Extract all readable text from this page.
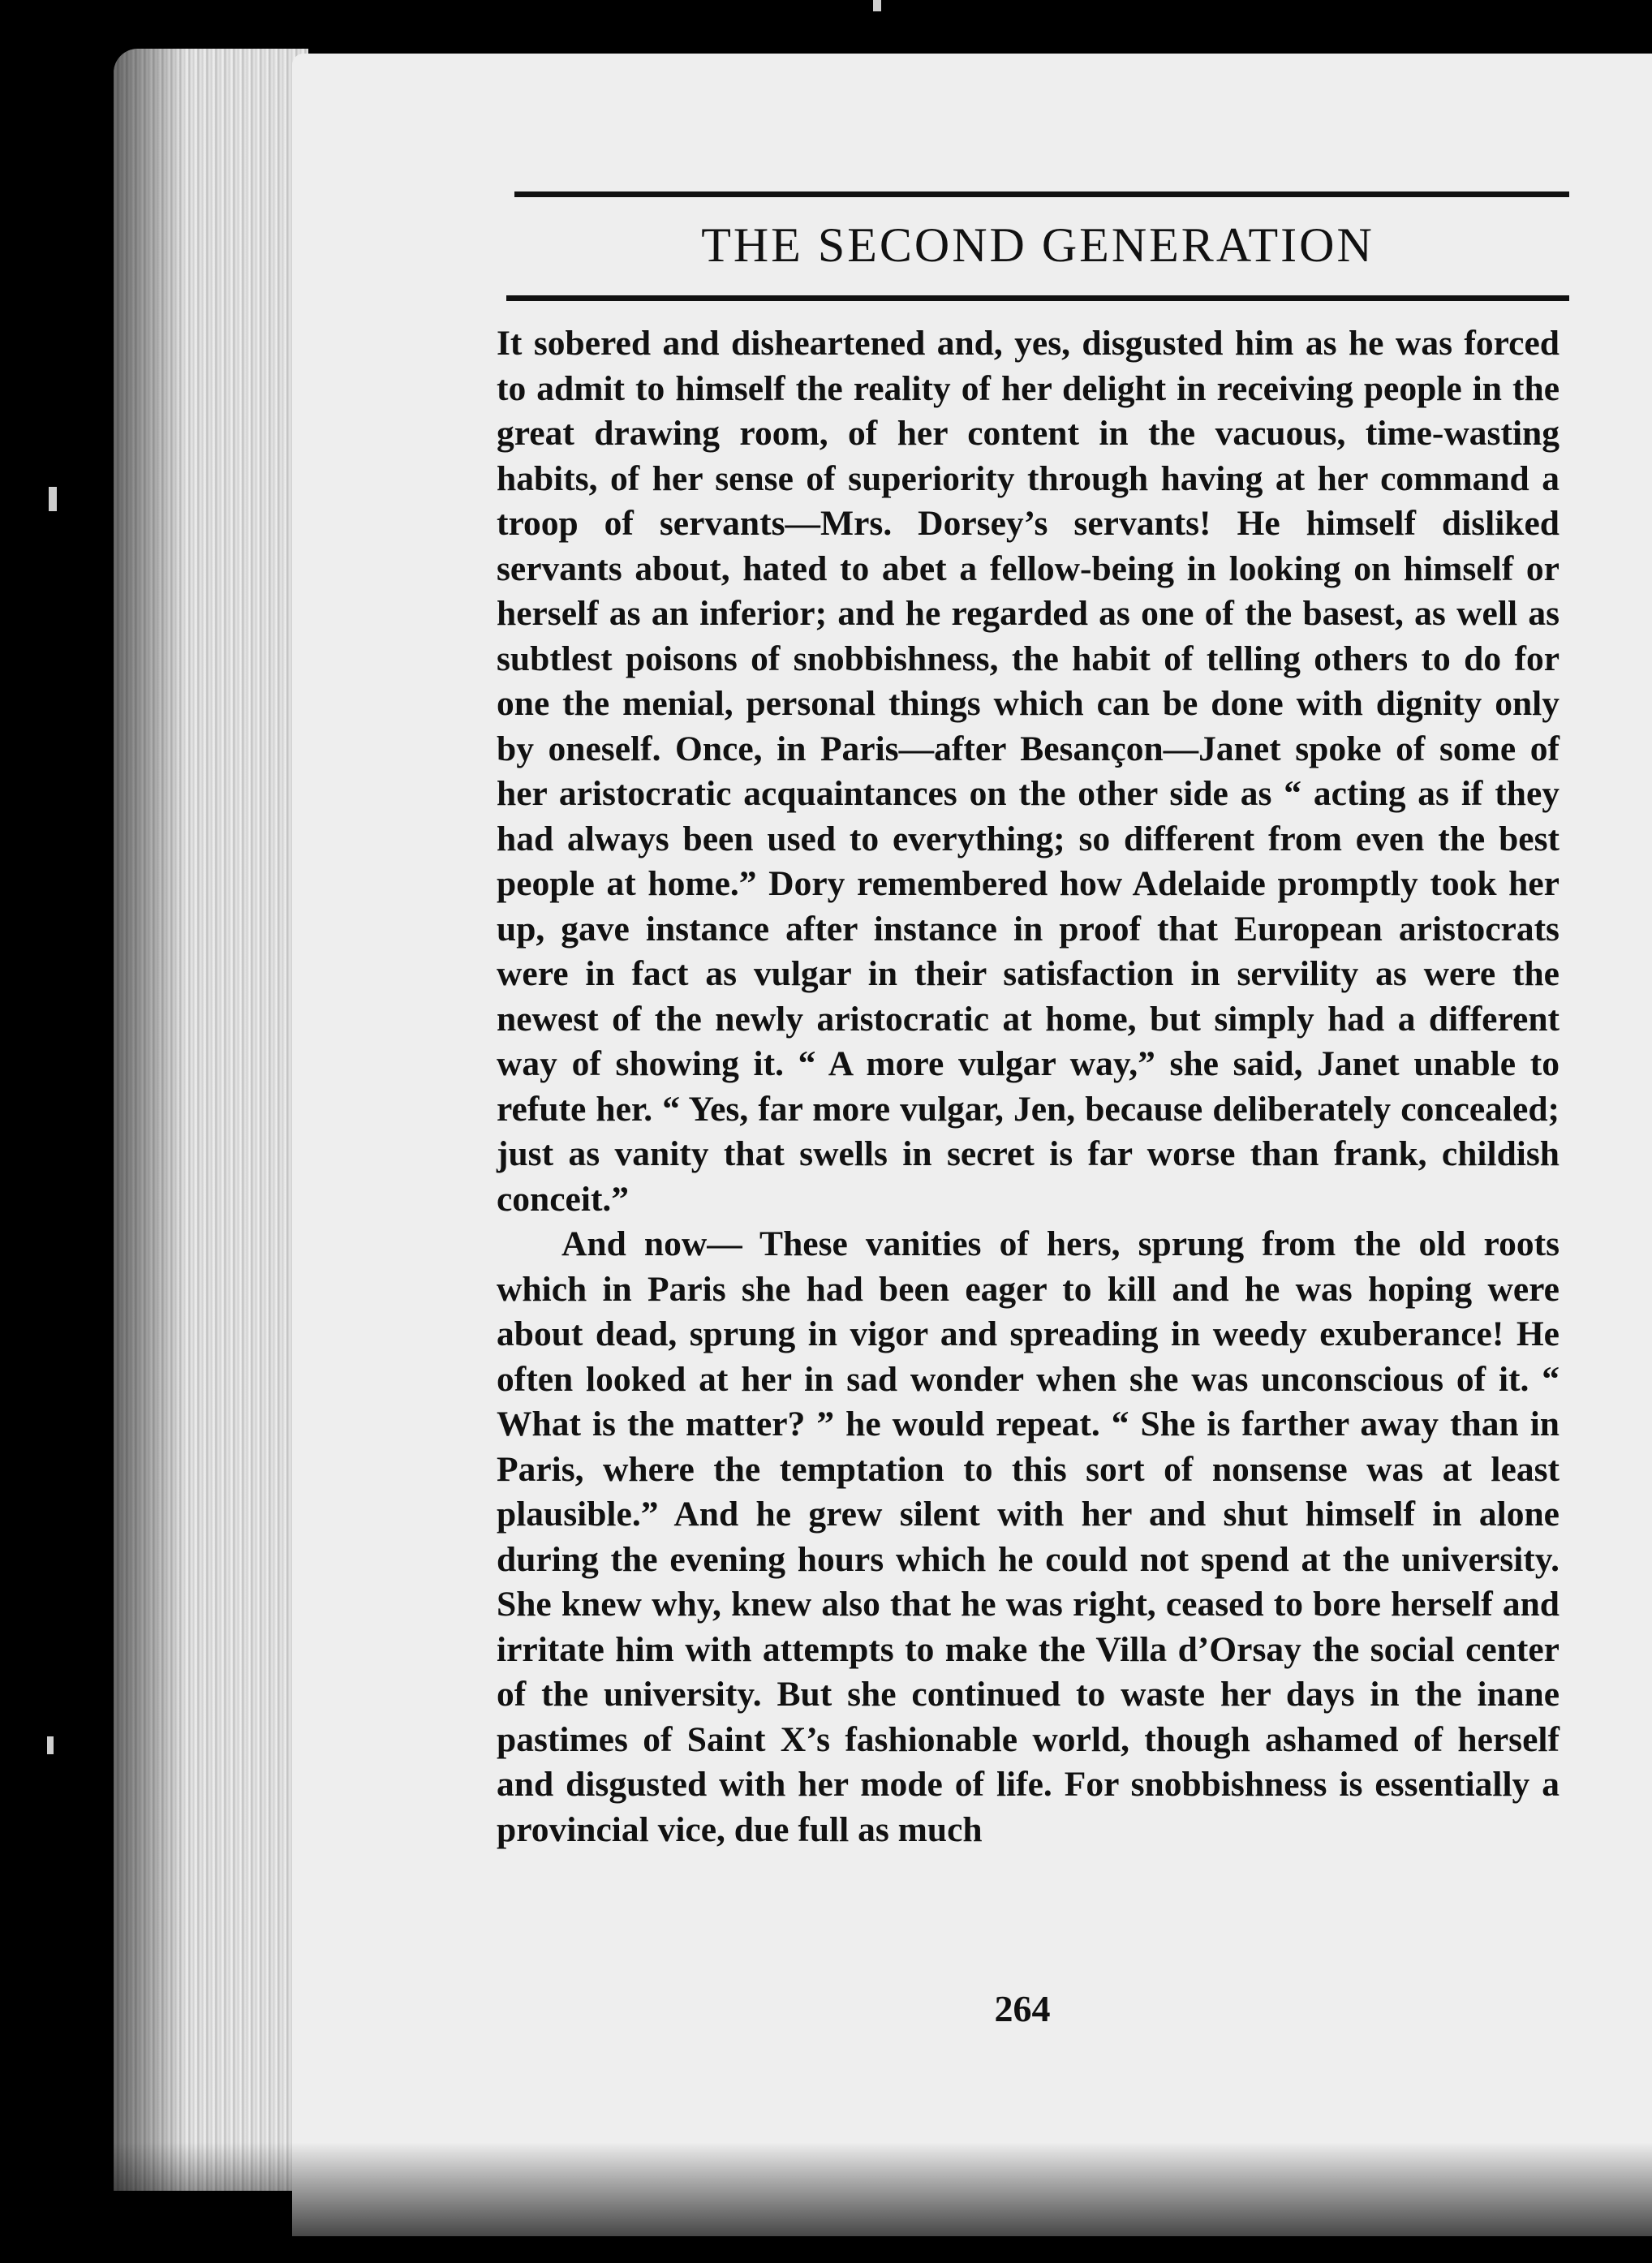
THE SECOND GENERATION

It sobered and disheartened and, yes, disgusted him as he was forced to admit to himself the reality of her delight in receiving people in the great drawing room, of her content in the vacuous, time-wasting habits, of her sense of superiority through having at her command a troop of servants—Mrs. Dorsey’s servants! He himself disliked servants about, hated to abet a fellow-being in looking on himself or herself as an inferior; and he regarded as one of the basest, as well as subtlest poisons of snobbishness, the habit of telling others to do for one the menial, personal things which can be done with dignity only by oneself. Once, in Paris—after Besançon—Janet spoke of some of her aristocratic acquaintances on the other side as “ acting as if they had always been used to everything; so different from even the best people at home.” Dory remembered how Adelaide promptly took her up, gave instance after instance in proof that European aristocrats were in fact as vulgar in their satisfaction in servility as were the newest of the newly aristocratic at home, but simply had a different way of showing it. “ A more vulgar way,” she said, Janet unable to refute her. “ Yes, far more vulgar, Jen, because deliberately concealed; just as vanity that swells in secret is far worse than frank, childish conceit.”

And now— These vanities of hers, sprung from the old roots which in Paris she had been eager to kill and he was hoping were about dead, sprung in vigor and spreading in weedy exuberance! He often looked at her in sad wonder when she was unconscious of it. “ What is the matter? ” he would repeat. “ She is farther away than in Paris, where the temptation to this sort of nonsense was at least plausible.” And he grew silent with her and shut himself in alone during the evening hours which he could not spend at the university. She knew why, knew also that he was right, ceased to bore herself and irritate him with attempts to make the Villa d’Orsay the social center of the university. But she continued to waste her days in the inane pastimes of Saint X’s fashionable world, though ashamed of herself and disgusted with her mode of life. For snobbishness is essentially a provincial vice, due full as much

264
